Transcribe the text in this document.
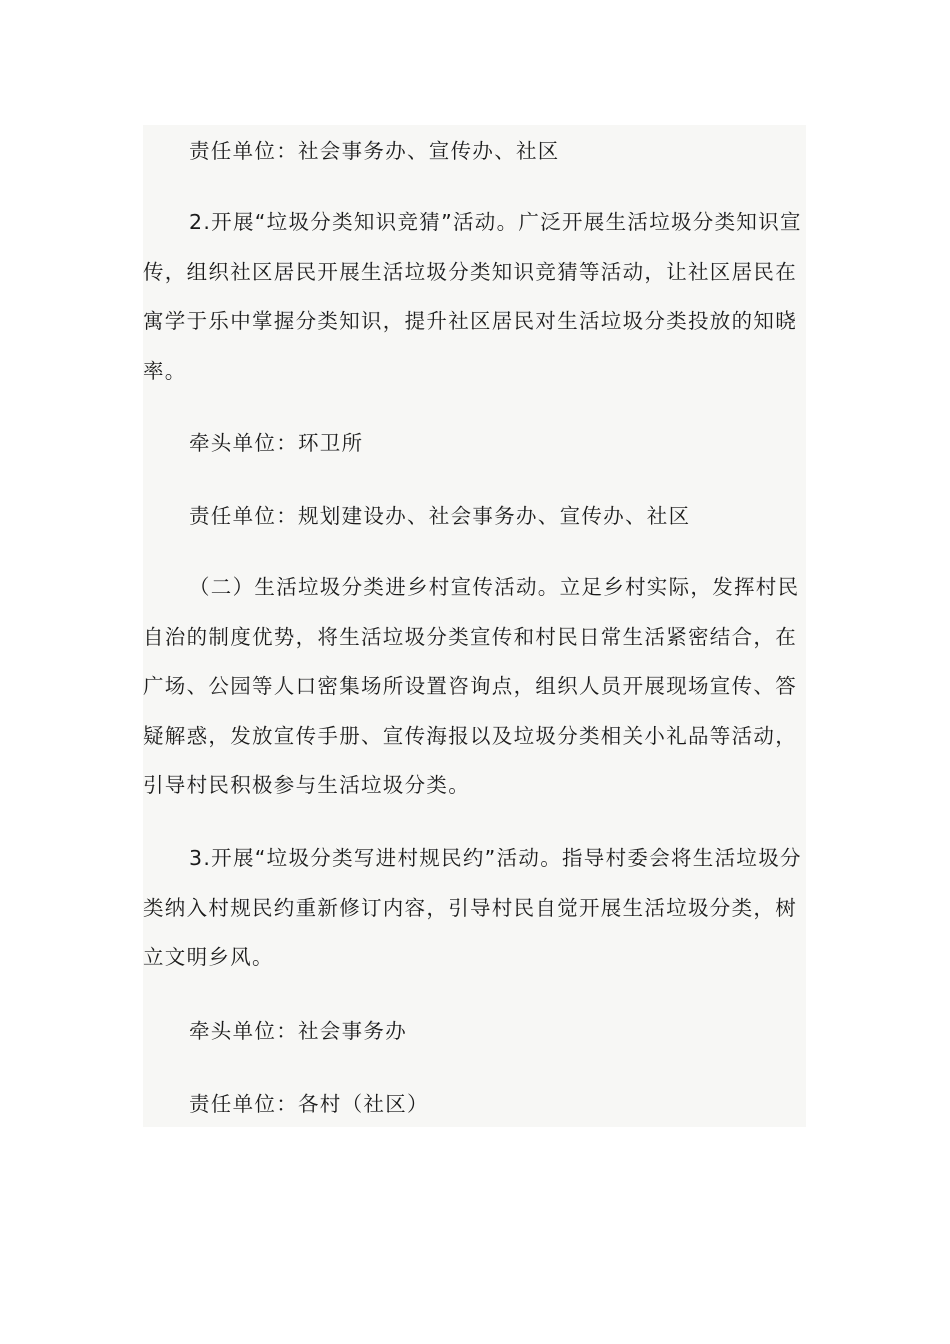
责任单位：社会事务办、宣传办、社区

2.开展“垃圾分类知识竞猜”活动。广泛开展生活垃圾分类知识宣传，组织社区居民开展生活垃圾分类知识竞猜等活动，让社区居民在寓学于乐中掌握分类知识，提升社区居民对生活垃圾分类投放的知晓率。

牵头单位：环卫所

责任单位：规划建设办、社会事务办、宣传办、社区

（二）生活垃圾分类进乡村宣传活动。立足乡村实际，发挥村民自治的制度优势，将生活垃圾分类宣传和村民日常生活紧密结合，在广场、公园等人口密集场所设置咨询点，组织人员开展现场宣传、答疑解惑，发放宣传手册、宣传海报以及垃圾分类相关小礼品等活动，引导村民积极参与生活垃圾分类。

3.开展“垃圾分类写进村规民约”活动。指导村委会将生活垃圾分类纳入村规民约重新修订内容，引导村民自觉开展生活垃圾分类，树立文明乡风。

牵头单位：社会事务办

责任单位：各村（社区）
